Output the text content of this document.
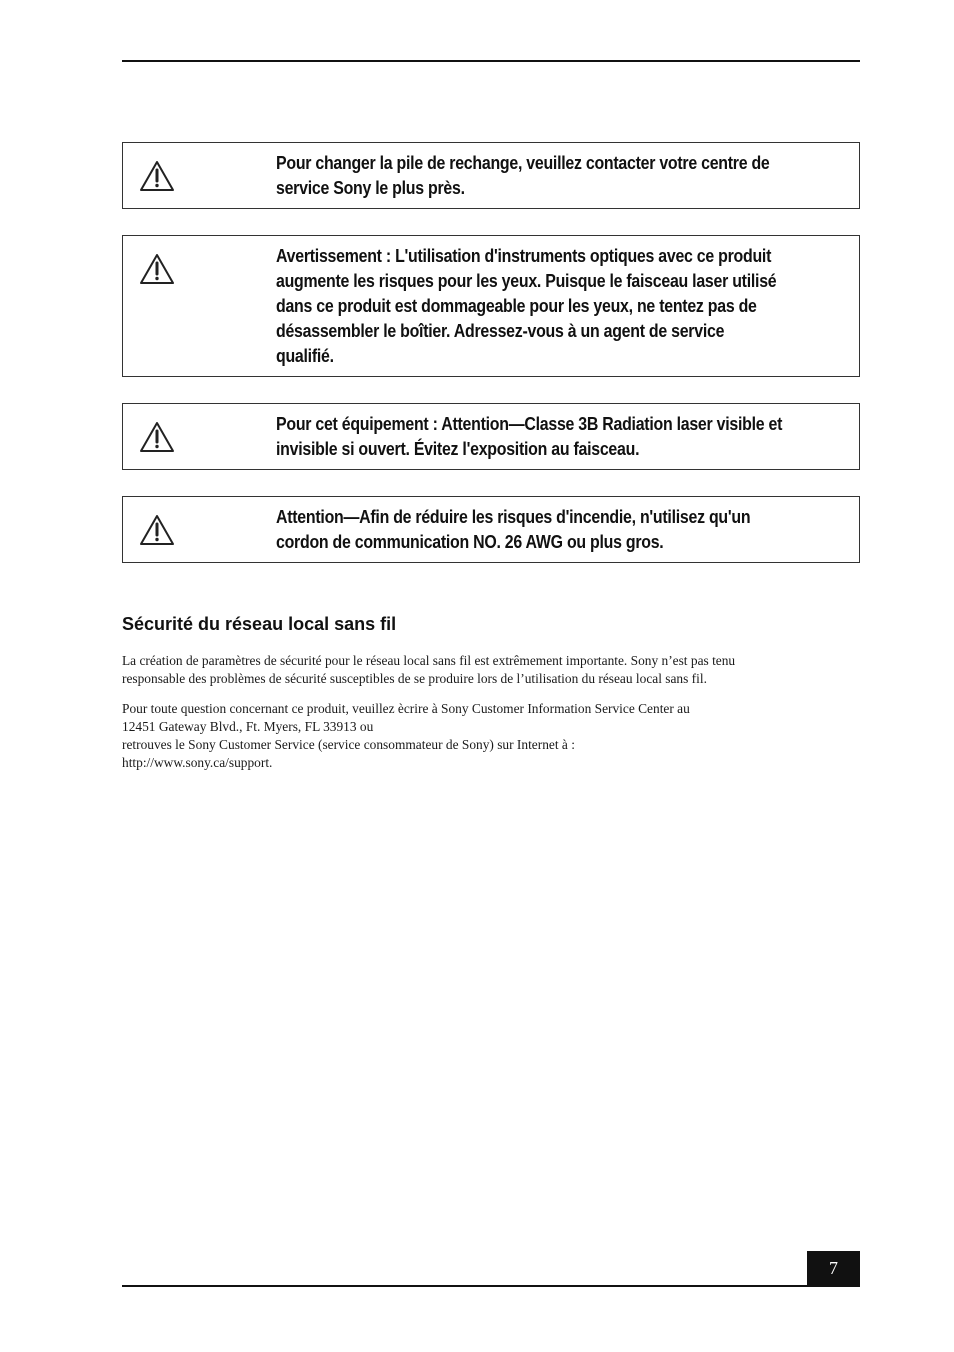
Pour changer la pile de rechange, veuillez contacter votre centre de
service Sony le plus près.
Avertissement : L'utilisation d'instruments optiques avec ce produit
augmente les risques pour les yeux. Puisque le faisceau laser utilisé
dans ce produit est dommageable pour les yeux, ne tentez pas de
désassembler le boîtier. Adressez-vous à un agent de service
qualifié.
Pour cet équipement : Attention—Classe 3B Radiation laser visible et
invisible si ouvert. Évitez l'exposition au faisceau.
Attention—Afin de réduire les risques d'incendie, n'utilisez qu'un
cordon de communication NO. 26 AWG ou plus gros.
Sécurité du réseau local sans fil

La création de paramètres de sécurité pour le réseau local sans fil est extrêmement importante. Sony n’est pas tenu
responsable des problèmes de sécurité susceptibles de se produire lors de l’utilisation du réseau local sans fil.

Pour toute question concernant ce produit, veuillez ècrire à Sony Customer Information Service Center au
12451 Gateway Blvd., Ft. Myers, FL 33913 ou
retrouves le Sony Customer Service (service consommateur de Sony) sur Internet à :
http://www.sony.ca/support.

7
